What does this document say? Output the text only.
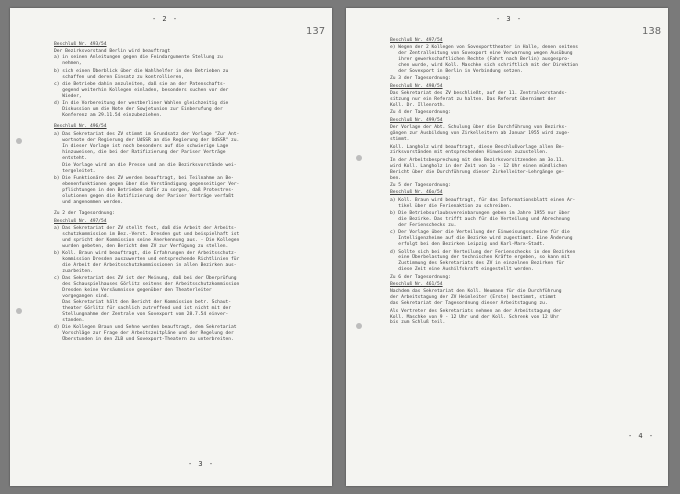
- 2 -
137
Beschluß Nr. 493/54
Der Bezirksvorstand Berlin wird beauftragt
a) in seinen Anleitungen gegen die Feindargumente Stellung zu
nehmen,
b) sich einen Überblick über die Wahlhelfer in den Betrieben zu
schaffen und deren Einsatz zu kontrollieren,
c) die Betriebe dahin anzuleiten, daß sie an der Patenschafts-
gegend weiterhin Kollegen einladen, besonders suchen vor der
Wieder,
d) In die Vorbereitung der westberliner Wahlen gleichzeitig die
Diskussion um die Note der Sowjetunion zur Einberufung der
Konferenz am 29.11.54 einzubeziehen.
Beschluß Nr. 496/54
a) Das Sekretariat des ZV stimmt im Grundsatz der Vorlage "Zur Ant-
wortnote der Regierung der UdSSR an die Regierung der UdSSR" zu.
In dieser Vorlage ist noch besonders auf die schwierige Lage
hinzuweisen, die bei der Ratifizierung der Pariser Verträge
entsteht.
Die Vorlage wird an die Presse und an die Bezirksvorstände wei-
tergeleitet.
b) Die Funktionäre des ZV werden beauftragt, bei Teilnahme an Be-
ebenenfunktionen gegen über die Verständigung gegenseitiger Ver-
pflichtungen in den Betrieben dafür zu sorgen, daß Protestres-
olutionen gegen die Ratifizierung der Pariser Verträge verfaßt
und angenommen werden.
Zu 2 der Tagesordnung:
Beschluß Nr. 497/54
a) Das Sekretariat der ZV stellt fest, daß die Arbeit der Arbeits-
schutzkommission im Bez.-Verst. Dresden gut und beispielhaft ist
und spricht der Kommission seine Anerkennung aus. - Die Kollegen
wurden gebeten, den Bericht dem ZV zur Verfügung zu stellen.
b) Koll. Braun wird beauftragt, die Erfahrungen der Arbeitsschutz-
kommission Dresden auszuwerten und entsprechende Richtlinien für
die Arbeit der Arbeitsschutzkommissionen in allen Bezirken aus-
zuarbeiten.
c) Das Sekretariat des ZV ist der Meinung, daß bei der Überprüfung
des Schauspielhauses Görlitz seitens der Arbeitsschutzkommission
Dresden keine Versäumnisse gegenüber den Theaterleiter
vorgegangen sind.
Das Sekretariat hält den Bericht der Kommission betr. Schaut-
theater Görlitz für sachlich zutreffend und ist nicht mit der
Stellungnahme der Zentrale von Sovexport vom 28.7.54 einver-
standen.
d) Die Kollegen Braun und Sehne werden beauftragt, dem Sekretariat
Vorschläge zur Frage der Arbeitszeitpläne und der Regelung der
Überstunden in den ZLB und Sovexport-Theatern zu unterbreiten.
- 3 -
- 3 -
138
Beschluß Nr. 497/54
e) Wegen der 2 Kollegen von Sovexporttheater in Halle, denen seitens
der Zentralleitung von Sovexport eine Verwarnung wegen Ausübung
ihrer gewerkschaftlichen Rechte (Fahrt nach Berlin) ausgespro-
chen wurde, wird Koll. Maschke sich schriftlich mit der Direktion
der Sovexport in Berlin in Verbindung setzen.
Zu 3 der Tagesordnung:
Beschluß Nr. 498/54
Das Sekretariat des ZV beschließt, auf der 11. Zentralvorstands-
sitzung nur ein Referat zu halten. Das Referat übernimmt der
Koll. Dr. Illenroth.
Zu 4 der Tagesordnung:
Beschluß Nr. 499/54
Der Vorlage der Abt. Schulung über die Durchführung von Bezirks-
gängen zur Ausbildung von Zirkelleitern ab Januar 1955 wird zuge-
stimmt.
Koll. Langholz wird beauftragt, diese Beschlußvorlage allen Be-
zirksvorständen mit entsprechenden Hinweisen zuzustellen.
In der Arbeitsbesprechung mit den Bezirksvorsitzenden am 3o.11.
wird Koll. Langholz in der Zeit von 1o - 12 Uhr einen mündlichen
Bericht über die Durchführung dieser Zirkelleiter-Lehrgänge ge-
ben.
Zu 5 der Tagesordnung:
Beschluß Nr. 46o/54
a) Koll. Braun wird beauftragt, für das Informationsblatt einen Ar-
tikel über die Ferienaktion zu schreiben.
b) Die Betriebsurlaubsvereinbarungen geben im Jahre 1955 nur über
die Bezirke. Das trifft auch für die Verteilung und Abrechnung
der Ferienschecks zu.
c) Der Vorlage über die Verteilung der Einweisungsscheine für die
Intelligenzheime auf die Bezirke wird zugestimmt. Eine Änderung
erfolgt bei den Bezirken Leipzig und Karl-Marx-Stadt.
d) Sollte sich bei der Verteilung der Ferienschecks in den Bezirken
eine Überbelastung der technischen Kräfte ergeben, so kann mit
Zustimmung des Sekretariats des ZV in einzelnen Bezirken für
diese Zeit eine Aushilfskraft eingestellt werden.
Zu 6 der Tagesordnung:
Beschluß Nr. 461/54
Nachdem das Sekretariat den Koll. Neumann für die Durchführung
der Arbeitstagung der ZV Heimleiter (Erste) bestimmt, stimmt
das Sekretariat der Tagesordnung dieser Arbeitstagung zu.
Als Vertreter des Sekretariats nehmen an der Arbeitstagung der
Koll. Maschke von 9 - 12 Uhr und der Koll. Schrenk von 12 Uhr
bis zum Schluß teil.
- 4 -
